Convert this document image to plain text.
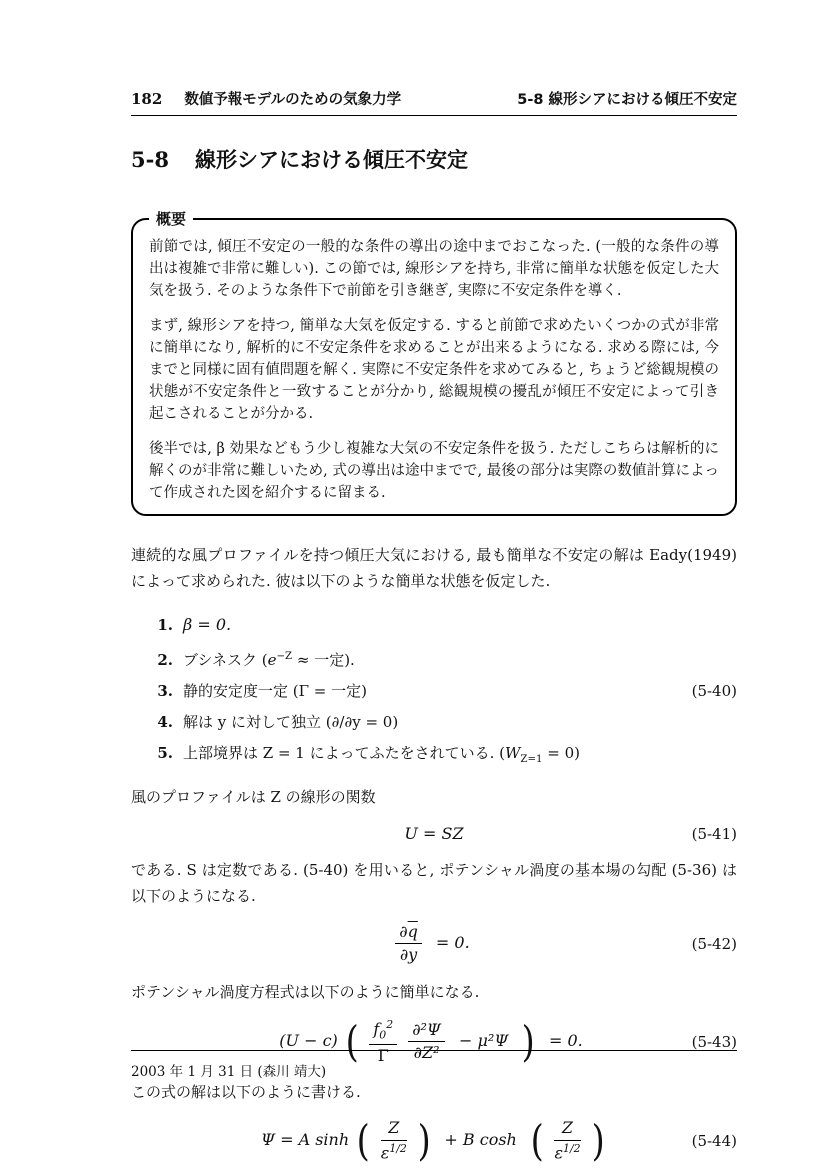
182 数値予報モデルのための気象力学	5-8 線形シアにおける傾圧不安定
5-8 線形シアにおける傾圧不安定
概要

前節では, 傾圧不安定の一般的な条件の導出の途中までおこなった. (一般的な条件の導出は複雑で非常に難しい). この節では, 線形シアを持ち, 非常に簡単な状態を仮定した大気を扱う. そのような条件下で前節を引き継ぎ, 実際に不安定条件を導く.

まず, 線形シアを持つ, 簡単な大気を仮定する. すると前節で求めたいくつかの式が非常に簡単になり, 解析的に不安定条件を求めることが出来るようになる. 求める際には, 今までと同様に固有値問題を解く. 実際に不安定条件を求めてみると, ちょうど総観規模の状態が不安定条件と一致することが分かり, 総観規模の擾乱が傾圧不安定によって引き起こされることが分かる.

後半では, β 効果などもう少し複雑な大気の不安定条件を扱う. ただしこちらは解析的に解くのが非常に難しいため, 式の導出は途中までで, 最後の部分は実際の数値計算によって作成された図を紹介するに留まる.

連続的な風プロファイルを持つ傾圧大気における, 最も簡単な不安定の解は Eady(1949) によって求められた. 彼は以下のような簡単な状態を仮定した.
1. β = 0.
2. ブシネスク ($e^{-Z}$ ≈ 一定).
3. 静的安定度一定 (Γ = 一定)	(5-40)
4. 解は y に対して独立 (∂/∂y = 0)
5. 上部境界は Z = 1 によってふたをされている. $(W_{Z=1} = 0)$
風のプロファイルは Z の線形の関数
U = SZ	(5-41)
である. S は定数である. (5-40) を用いると, ポテンシャル渦度の基本場の勾配 (5-36) は以下のようになる.
$\frac{\partial\overline{q}}{\partial y} = 0$.	(5-42)
ポテンシャル渦度方程式は以下のように簡単になる.
(U − c) ( $\frac{f_0^2}{\Gamma}$
$\frac{\text{∂²Ψ}}{\text{∂Z²}} - \mu^2\Psi$ ) = 0.	(5-43)
この式の解は以下のように書ける.
Ψ = A sinh ( $\frac{Z}{\varepsilon^{1/2}}$ ) + B cosh ( $\frac{Z}{\varepsilon^{1/2}}$ )	(5-44)
2003 年 1 月 31 日 (森川 靖大)
